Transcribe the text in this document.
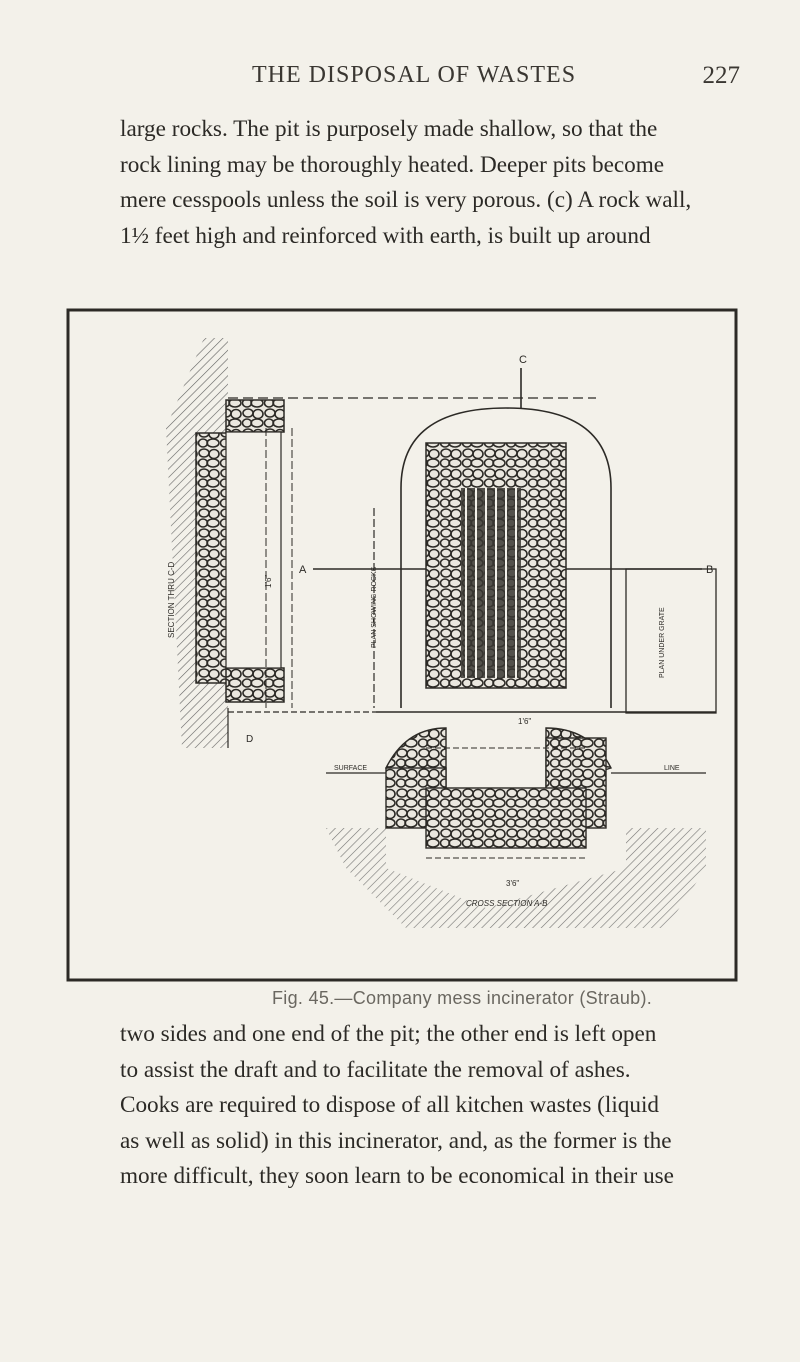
THE DISPOSAL OF WASTES	227
large rocks. The pit is purposely made shallow, so that the
rock lining may be thoroughly heated. Deeper pits become
mere cesspools unless the soil is very porous. (c) A rock wall,
1½ feet high and reinforced with earth, is built up around
A	B
C
D
SECTION THRU C-D	PLAN SHOWING ROCKS	PLAN UNDER GRATE
1'6"
3'6"
1'6"
SURFACE	LINE
CROSS SECTION A-B
Fig. 45.—Company mess incinerator (Straub).
two sides and one end of the pit; the other end is left open
to assist the draft and to facilitate the removal of ashes.
Cooks are required to dispose of all kitchen wastes (liquid
as well as solid) in this incinerator, and, as the former is the
more difficult, they soon learn to be economical in their use
